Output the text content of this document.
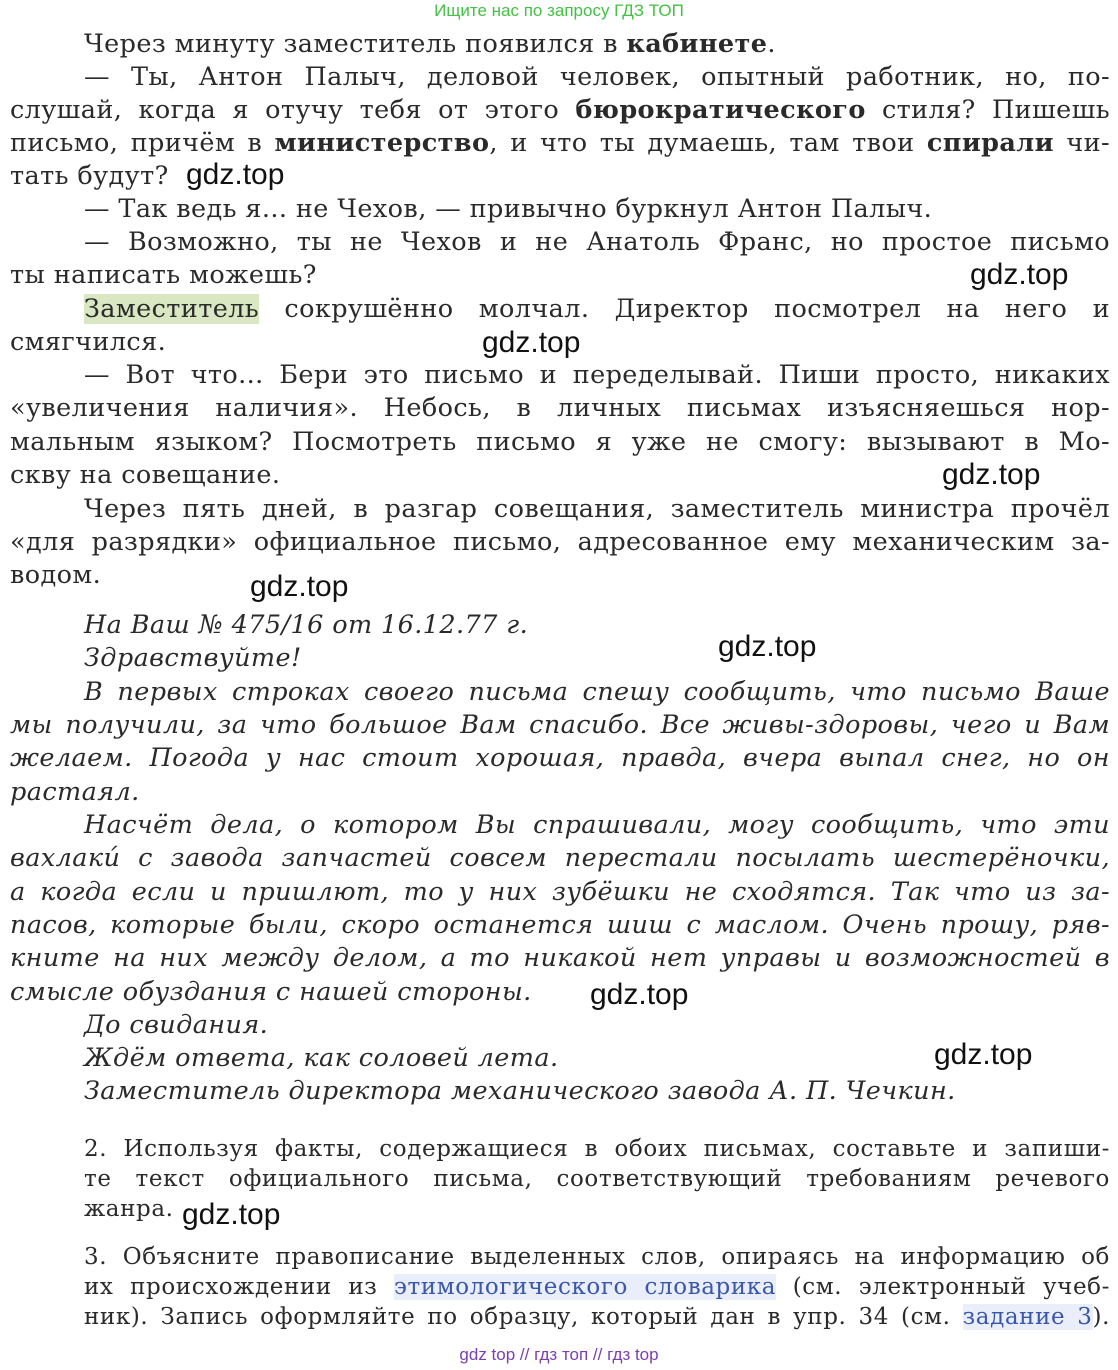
Ищите нас по запросу ГДЗ ТОП
Через минуту заместитель появился в кабинете.
— Ты, Антон Палыч, деловой человек, опытный работник, но, по-
слушай, когда я отучу тебя от этого бюрократического стиля? Пишешь
письмо, причём в министерство, и что ты думаешь, там твои спирали чи-
тать будут?
— Так ведь я... не Чехов, — привычно буркнул Антон Палыч.
— Возможно, ты не Чехов и не Анатоль Франс, но простое письмо
ты написать можешь?
Заместитель сокрушённо молчал. Директор посмотрел на него и
смягчился.
— Вот что... Бери это письмо и переделывай. Пиши просто, никаких
«увеличения наличия». Небось, в личных письмах изъясняешься нор-
мальным языком? Посмотреть письмо я уже не смогу: вызывают в Мо-
скву на совещание.
Через пять дней, в разгар совещания, заместитель министра прочёл
«для разрядки» официальное письмо, адресованное ему механическим за-
водом.
На Ваш № 475/16 от 16.12.77 г.
Здравствуйте!
В первых строках своего письма спешу сообщить, что письмо Ваше
мы получили, за что большое Вам спасибо. Все живы-здоровы, чего и Вам
желаем. Погода у нас стоит хорошая, правда, вчера выпал снег, но он
растаял.
Насчёт дела, о котором Вы спрашивали, могу сообщить, что эти
вахлаки́ с завода запчастей совсем перестали посылать шестерёночки,
а когда если и пришлют, то у них зубёшки не сходятся. Так что из за-
пасов, которые были, скоро останется шиш с маслом. Очень прошу, ряв-
кните на них между делом, а то никакой нет управы и возможностей в
смысле обуздания с нашей стороны.
До свидания.
Ждём ответа, как соловей лета.
Заместитель директора механического завода А. П. Чечкин.
2. Используя факты, содержащиеся в обоих письмах, составьте и запиши-
те текст официального письма, соответствующий требованиям речевого
жанра.
3. Объясните правописание выделенных слов, опираясь на информацию об
их происхождении из этимологического словарика (см. электронный учеб-
ник). Запись оформляйте по образцу, который дан в упр. 34 (см. задание 3).
gdz.top
gdz.top
gdz.top
gdz.top
gdz.top
gdz.top
gdz.top
gdz.top
gdz.top
gdz top // гдз топ // гдз top
